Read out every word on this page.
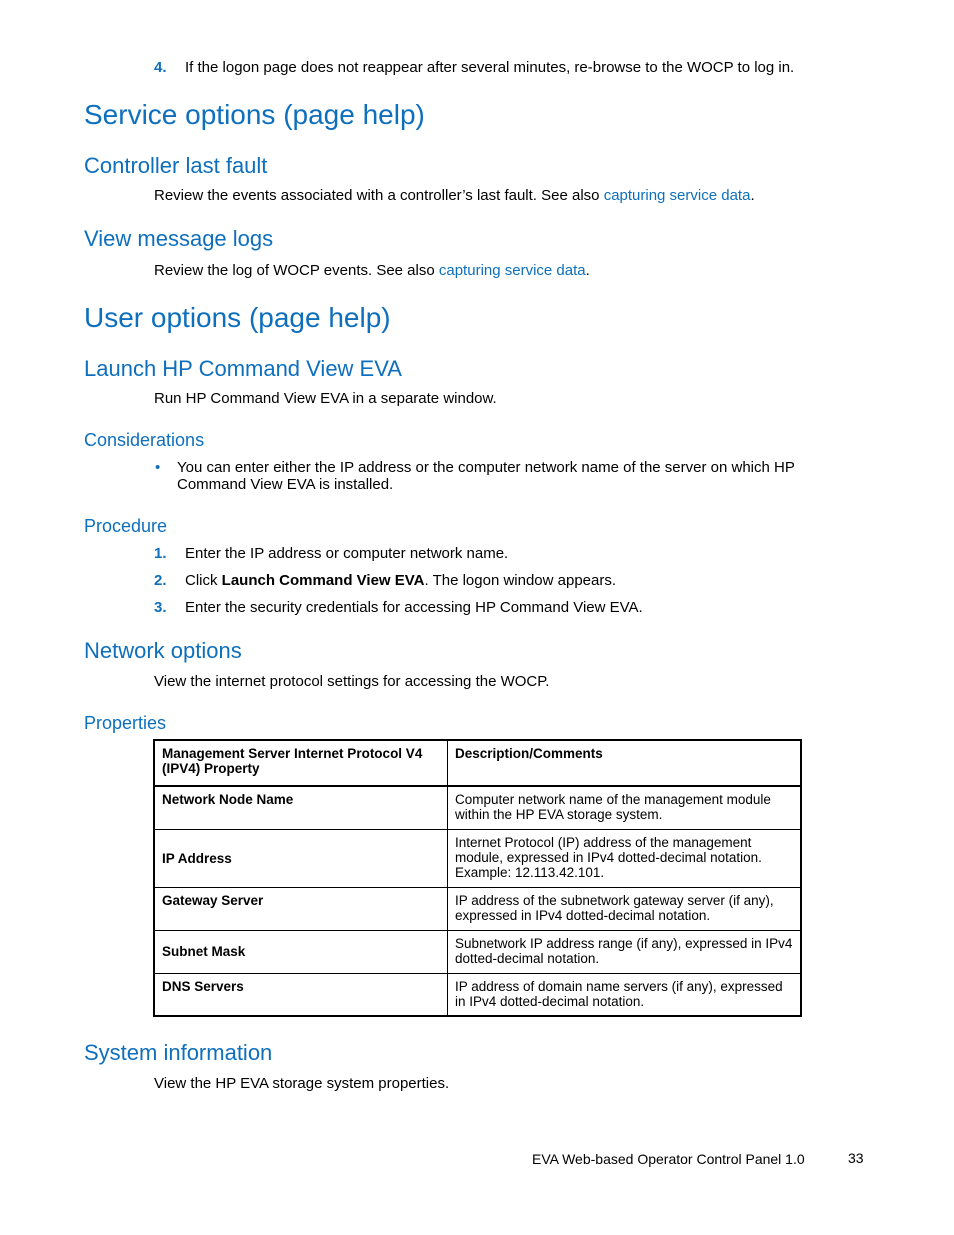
4. If the logon page does not reappear after several minutes, re-browse to the WOCP to log in.
Service options (page help)
Controller last fault
Review the events associated with a controller’s last fault. See also capturing service data.
View message logs
Review the log of WOCP events. See also capturing service data.
User options (page help)
Launch HP Command View EVA
Run HP Command View EVA in a separate window.
Considerations
• You can enter either the IP address or the computer network name of the server on which HP
Command View EVA is installed.
Procedure
1. Enter the IP address or computer network name.
2. Click Launch Command View EVA. The logon window appears.
3. Enter the security credentials for accessing HP Command View EVA.
Network options
View the internet protocol settings for accessing the WOCP.
Properties
Management Server Internet Protocol V4
(IPV4) Property	Description/Comments
Network Node Name	Computer network name of the management module
within the HP EVA storage system.
IP Address	Internet Protocol (IP) address of the management
module, expressed in IPv4 dotted-decimal notation.
Example: 12.113.42.101.
Gateway Server	IP address of the subnetwork gateway server (if any),
expressed in IPv4 dotted-decimal notation.
Subnet Mask	Subnetwork IP address range (if any), expressed in IPv4
dotted-decimal notation.
DNS Servers	IP address of domain name servers (if any), expressed
in IPv4 dotted-decimal notation.
System information
View the HP EVA storage system properties.
EVA Web-based Operator Control Panel 1.0	33
